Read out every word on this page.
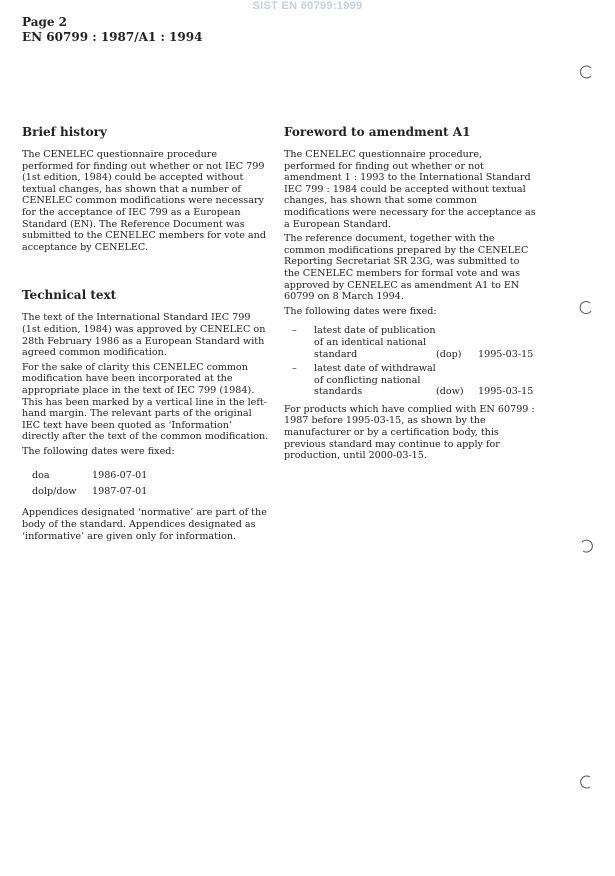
SIST EN 60799:1999
Page 2
EN 60799 : 1987/A1 : 1994
Brief history

The CENELEC questionnaire procedure performed for finding out whether or not IEC 799 (1st edition, 1984) could be accepted without textual changes, has shown that a number of CENELEC common modifications were necessary for the acceptance of IEC 799 as a European Standard (EN). The Reference Document was submitted to the CENELEC members for vote and acceptance by CENELEC.

Technical text

The text of the International Standard IEC 799 (1st edition, 1984) was approved by CENELEC on 28th February 1986 as a European Standard with agreed common modification.

For the sake of clarity this CENELEC common modification have been incorporated at the appropriate place in the text of IEC 799 (1984). This has been marked by a vertical line in the left-hand margin. The relevant parts of the original IEC text have been quoted as ‘Information’ directly after the text of the common modification.

The following dates were fixed:

doa	1986-07-01
dolp/dow	1987-07-01

Appendices designated ‘normative’ are part of the body of the standard. Appendices designated as ‘informative’ are given only for information.

Foreword to amendment A1

The CENELEC questionnaire procedure, performed for finding out whether or not amendment 1 : 1993 to the International Standard IEC 799 : 1984 could be accepted without textual changes, has shown that some common modifications were necessary for the acceptance as a European Standard.

The reference document, together with the common modifications prepared by the CENELEC Reporting Secretariat SR 23G, was submitted to the CENELEC members for formal vote and was approved by CENELEC as amendment A1 to EN 60799 on 8 March 1994.

The following dates were fixed:

–	latest date of publication of an identical national standard	(dop)	1995-03-15
–	latest date of withdrawal of conflicting national standards	(dow)	1995-03-15

For products which have complied with EN 60799 : 1987 before 1995-03-15, as shown by the manufacturer or by a certification body, this previous standard may continue to apply for production, until 2000-03-15.
